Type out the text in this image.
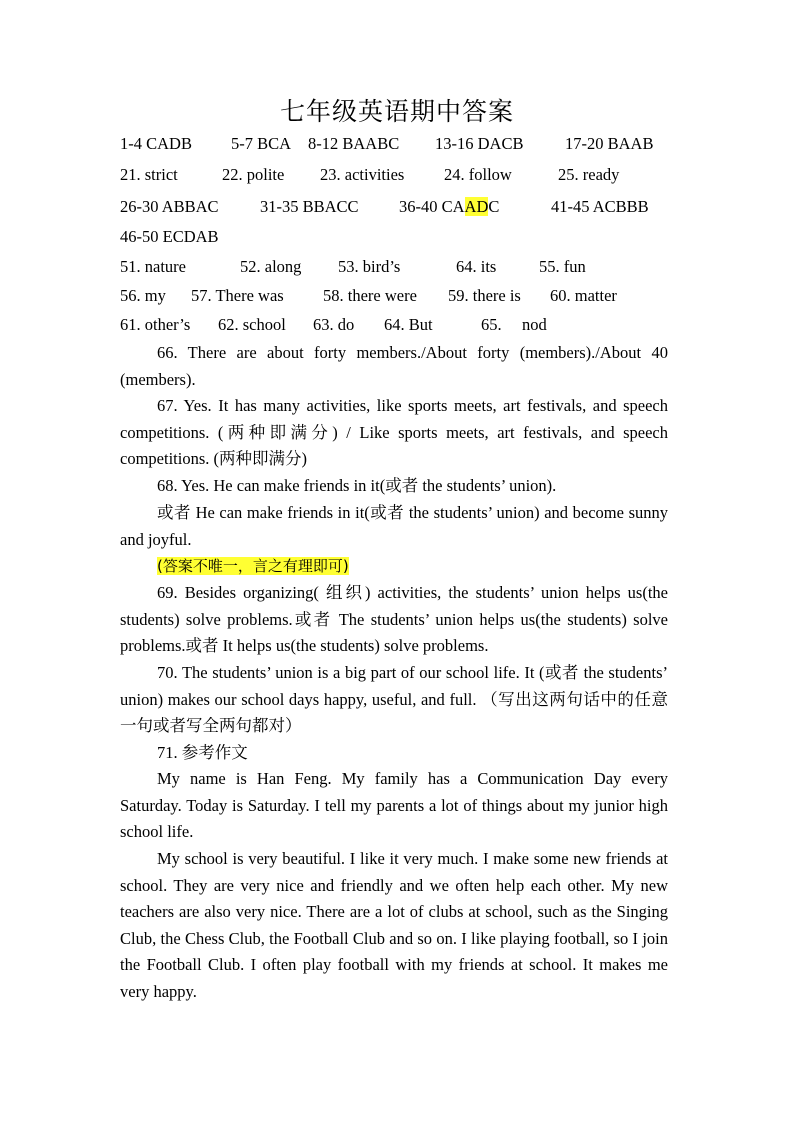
七年级英语期中答案
1-4 CADB 5-7 BCA 8-12 BAABC 13-16 DACB	17-20 BAAB
21. strict	22. polite 23. activities 24. follow	25. ready
26-30 ABBAC	31-35 BBACC 36-40 CAADC	41-45 ACBBB
46-50 ECDAB
51. nature	52. along 53. bird’s	64. its	55. fun
56. my 57. There was 58. there were 59. there is 60. matter
61. other’s 62. school 63. do 64. But	65. nod

66. There are about forty members./About forty (members)./About 40 (members).

67. Yes. It has many activities, like sports meets, art festivals, and speech competitions. (两种即满分) / Like sports meets, art festivals, and speech competitions. (两种即满分)

68. Yes. He can make friends in it(或者 the students’ union).

或者 He can make friends in it(或者 the students’ union) and become sunny and joyful.

(答案不唯一，言之有理即可)

69. Besides organizing( 组织) activities, the students’ union helps us(the students) solve problems.或者 The students’ union helps us(the students) solve problems.或者 It helps us(the students) solve problems.

70. The students’ union is a big part of our school life. It (或者 the students’ union) makes our school days happy, useful, and full. （写出这两句话中的任意一句或者写全两句都对）

71. 参考作文

My name is Han Feng. My family has a Communication Day every Saturday. Today is Saturday. I tell my parents a lot of things about my junior high school life.

My school is very beautiful. I like it very much. I make some new friends at school. They are very nice and friendly and we often help each other. My new teachers are also very nice. There are a lot of clubs at school, such as the Singing Club, the Chess Club, the Football Club and so on. I like playing football, so I join the Football Club. I often play football with my friends at school. It makes me very happy.
